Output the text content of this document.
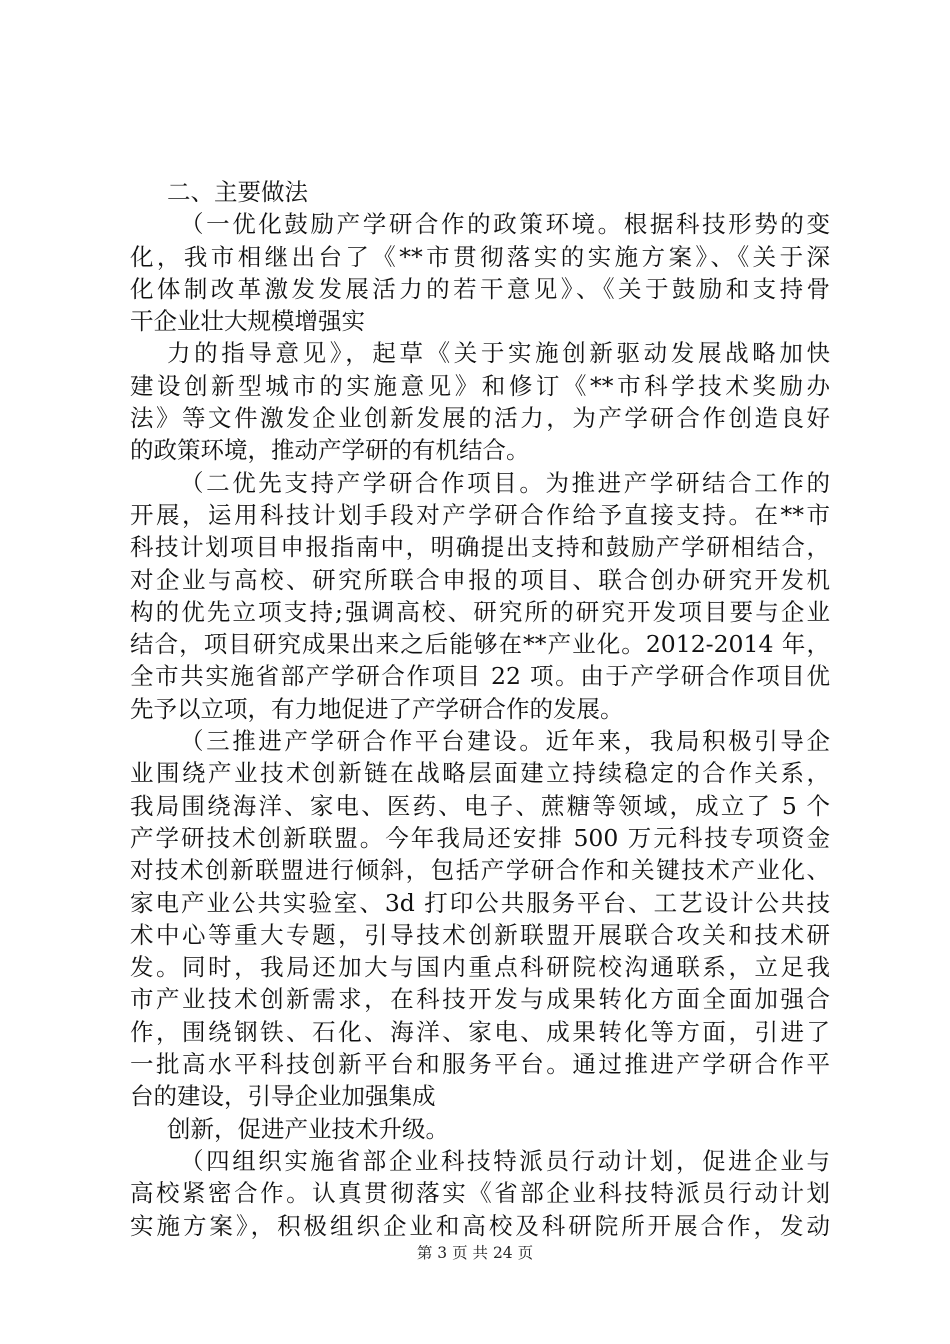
二、主要做法
（一优化鼓励产学研合作的政策环境。根据科技形势的变
化，我市相继出台了《**市贯彻落实的实施方案》、《关于深
化体制改革激发发展活力的若干意见》、《关于鼓励和支持骨
干企业壮大规模增强实
力的指导意见》，起草《关于实施创新驱动发展战略加快
建设创新型城市的实施意见》和修订《**市科学技术奖励办
法》等文件激发企业创新发展的活力，为产学研合作创造良好
的政策环境，推动产学研的有机结合。
（二优先支持产学研合作项目。为推进产学研结合工作的
开展，运用科技计划手段对产学研合作给予直接支持。在**市
科技计划项目申报指南中，明确提出支持和鼓励产学研相结合，
对企业与高校、研究所联合申报的项目、联合创办研究开发机
构的优先立项支持;强调高校、研究所的研究开发项目要与企业
结合，项目研究成果出来之后能够在**产业化。2012-2014 年，
全市共实施省部产学研合作项目 22 项。由于产学研合作项目优
先予以立项，有力地促进了产学研合作的发展。
（三推进产学研合作平台建设。近年来，我局积极引导企
业围绕产业技术创新链在战略层面建立持续稳定的合作关系，
我局围绕海洋、家电、医药、电子、蔗糖等领域，成立了 5 个
产学研技术创新联盟。今年我局还安排 500 万元科技专项资金
对技术创新联盟进行倾斜，包括产学研合作和关键技术产业化、
家电产业公共实验室、3d 打印公共服务平台、工艺设计公共技
术中心等重大专题，引导技术创新联盟开展联合攻关和技术研
发。同时，我局还加大与国内重点科研院校沟通联系，立足我
市产业技术创新需求，在科技开发与成果转化方面全面加强合
作，围绕钢铁、石化、海洋、家电、成果转化等方面，引进了
一批高水平科技创新平台和服务平台。通过推进产学研合作平
台的建设，引导企业加强集成
创新，促进产业技术升级。
（四组织实施省部企业科技特派员行动计划，促进企业与
高校紧密合作。认真贯彻落实《省部企业科技特派员行动计划
实施方案》，积极组织企业和高校及科研院所开展合作，发动
第 3 页 共 24 页
